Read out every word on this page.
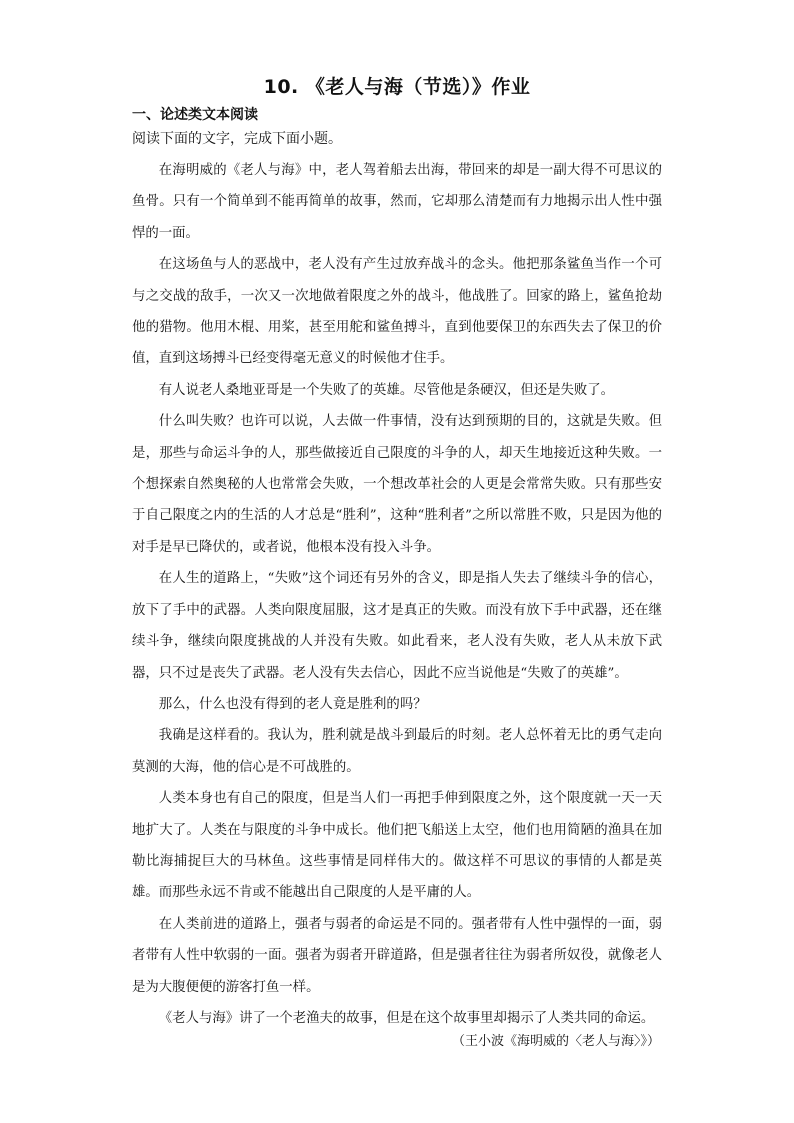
10. 《老人与海（节选）》作业
一、论述类文本阅读

阅读下面的文字，完成下面小题。

在海明威的《老人与海》中，老人驾着船去出海，带回来的却是一副大得不可思议的鱼骨。只有一个简单到不能再简单的故事，然而，它却那么清楚而有力地揭示出人性中强悍的一面。

在这场鱼与人的恶战中，老人没有产生过放弃战斗的念头。他把那条鲨鱼当作一个可与之交战的敌手，一次又一次地做着限度之外的战斗，他战胜了。回家的路上，鲨鱼抢劫他的猎物。他用木棍、用桨，甚至用舵和鲨鱼搏斗，直到他要保卫的东西失去了保卫的价值，直到这场搏斗已经变得毫无意义的时候他才住手。

有人说老人桑地亚哥是一个失败了的英雄。尽管他是条硬汉，但还是失败了。

什么叫失败？也许可以说，人去做一件事情，没有达到预期的目的，这就是失败。但是，那些与命运斗争的人，那些做接近自己限度的斗争的人，却天生地接近这种失败。一个想探索自然奥秘的人也常常会失败，一个想改革社会的人更是会常常失败。只有那些安于自己限度之内的生活的人才总是“胜利”，这种“胜利者”之所以常胜不败，只是因为他的对手是早已降伏的，或者说，他根本没有投入斗争。

在人生的道路上，“失败”这个词还有另外的含义，即是指人失去了继续斗争的信心，放下了手中的武器。人类向限度屈服，这才是真正的失败。而没有放下手中武器，还在继续斗争，继续向限度挑战的人并没有失败。如此看来，老人没有失败，老人从未放下武器，只不过是丧失了武器。老人没有失去信心，因此不应当说他是“失败了的英雄”。

那么，什么也没有得到的老人竟是胜利的吗？

我确是这样看的。我认为，胜利就是战斗到最后的时刻。老人总怀着无比的勇气走向莫测的大海，他的信心是不可战胜的。

人类本身也有自己的限度，但是当人们一再把手伸到限度之外，这个限度就一天一天地扩大了。人类在与限度的斗争中成长。他们把飞船送上太空，他们也用简陋的渔具在加勒比海捕捉巨大的马林鱼。这些事情是同样伟大的。做这样不可思议的事情的人都是英雄。而那些永远不肯或不能越出自己限度的人是平庸的人。

在人类前进的道路上，强者与弱者的命运是不同的。强者带有人性中强悍的一面，弱者带有人性中软弱的一面。强者为弱者开辟道路，但是强者往往为弱者所奴役，就像老人是为大腹便便的游客打鱼一样。

《老人与海》讲了一个老渔夫的故事，但是在这个故事里却揭示了人类共同的命运。

（王小波《海明威的〈老人与海〉》）
